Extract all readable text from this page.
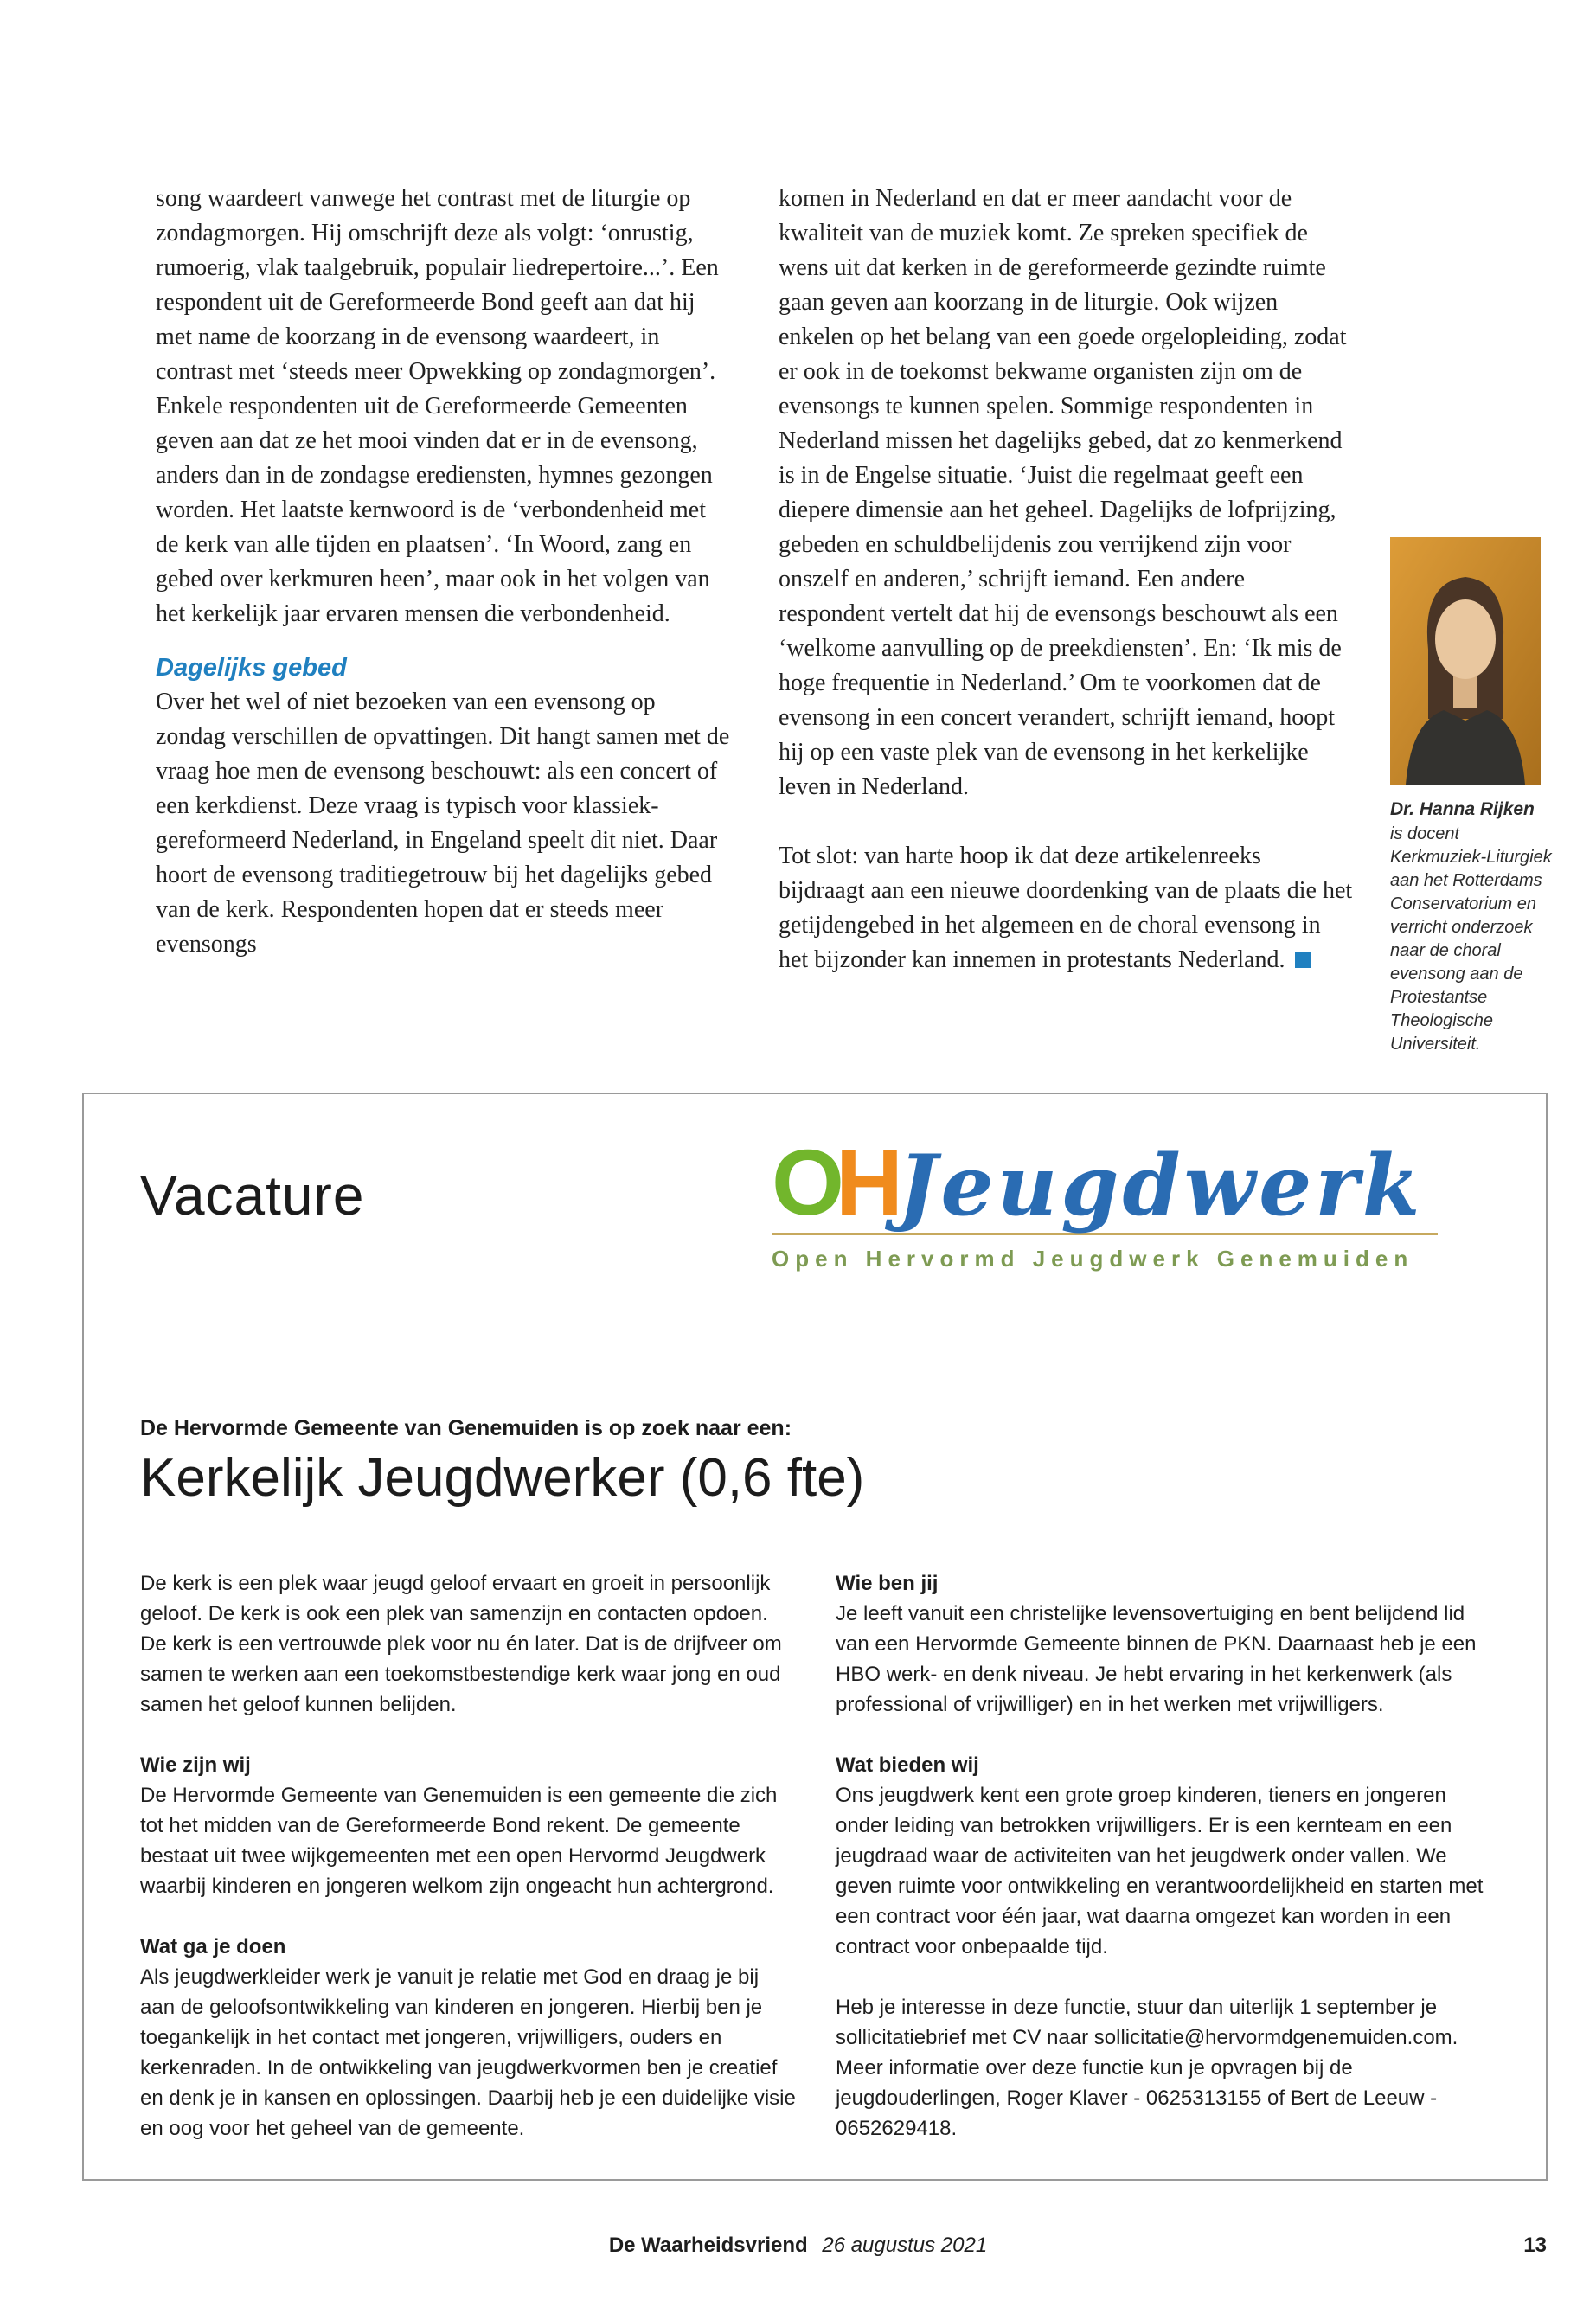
song waardeert vanwege het contrast met de liturgie op zondagmorgen. Hij omschrijft deze als volgt: ‘onrustig, rumoerig, vlak taalgebruik, populair liedrepertoire...’. Een respondent uit de Gereformeerde Bond geeft aan dat hij met name de koorzang in de evensong waardeert, in contrast met ‘steeds meer Opwekking op zondagmorgen’. Enkele respondenten uit de Gereformeerde Gemeenten geven aan dat ze het mooi vinden dat er in de evensong, anders dan in de zondagse erediensten, hymnes gezongen worden. Het laatste kernwoord is de ‘verbondenheid met de kerk van alle tijden en plaatsen’. ‘In Woord, zang en gebed over kerkmuren heen’, maar ook in het volgen van het kerkelijk jaar ervaren mensen die verbondenheid.

Dagelijks gebed

Over het wel of niet bezoeken van een evensong op zondag verschillen de opvattingen. Dit hangt samen met de vraag hoe men de evensong beschouwt: als een concert of een kerkdienst. Deze vraag is typisch voor klassiek-gereformeerd Nederland, in Engeland speelt dit niet. Daar hoort de evensong traditiegetrouw bij het dagelijks gebed van de kerk. Respondenten hopen dat er steeds meer evensongs

komen in Nederland en dat er meer aandacht voor de kwaliteit van de muziek komt. Ze spreken specifiek de wens uit dat kerken in de gereformeerde gezindte ruimte gaan geven aan koorzang in de liturgie. Ook wijzen enkelen op het belang van een goede orgelopleiding, zodat er ook in de toekomst bekwame organisten zijn om de evensongs te kunnen spelen. Sommige respondenten in Nederland missen het dagelijks gebed, dat zo kenmerkend is in de Engelse situatie. ‘Juist die regelmaat geeft een diepere dimensie aan het geheel. Dagelijks de lofprijzing, gebeden en schuldbelijdenis zou verrijkend zijn voor onszelf en anderen,’ schrijft iemand. Een andere respondent vertelt dat hij de evensongs beschouwt als een ‘welkome aanvulling op de preekdiensten’. En: ‘Ik mis de hoge frequentie in Nederland.’ Om te voorkomen dat de evensong in een concert verandert, schrijft iemand, hoopt hij op een vaste plek van de evensong in het kerkelijke leven in Nederland.

Tot slot: van harte hoop ik dat deze artikelenreeks bijdraagt aan een nieuwe doordenking van de plaats die het getijdengebed in het algemeen en de choral evensong in het bijzonder kan innemen in protestants Nederland.

Dr. Hanna Rijken
is docent Kerkmuziek-Liturgiek aan het Rotterdams Conservatorium en verricht onderzoek naar de choral evensong aan de Protestantse Theologische Universiteit.
Vacature	OHJeugdwerk
Open Hervormd Jeugdwerk Genemuiden
De Hervormde Gemeente van Genemuiden is op zoek naar een:
Kerkelijk Jeugdwerker (0,6 fte)

De kerk is een plek waar jeugd geloof ervaart en groeit in persoonlijk geloof. De kerk is ook een plek van samenzijn en contacten opdoen. De kerk is een vertrouwde plek voor nu én later. Dat is de drijfveer om samen te werken aan een toekomstbestendige kerk waar jong en oud samen het geloof kunnen belijden.

Wie zijn wij

De Hervormde Gemeente van Genemuiden is een gemeente die zich tot het midden van de Gereformeerde Bond rekent. De gemeente bestaat uit twee wijkgemeenten met een open Hervormd Jeugdwerk waarbij kinderen en jongeren welkom zijn ongeacht hun achtergrond.

Wat ga je doen

Als jeugdwerkleider werk je vanuit je relatie met God en draag je bij aan de geloofsontwikkeling van kinderen en jongeren. Hierbij ben je toegankelijk in het contact met jongeren, vrijwilligers, ouders en kerkenraden. In de ontwikkeling van jeugdwerkvormen ben je creatief en denk je in kansen en oplossingen. Daarbij heb je een duidelijke visie en oog voor het geheel van de gemeente.

Wie ben jij

Je leeft vanuit een christelijke levensovertuiging en bent belijdend lid van een Hervormde Gemeente binnen de PKN. Daarnaast heb je een HBO werk- en denk niveau. Je hebt ervaring in het kerkenwerk (als professional of vrijwilliger) en in het werken met vrijwilligers.

Wat bieden wij

Ons jeugdwerk kent een grote groep kinderen, tieners en jongeren onder leiding van betrokken vrijwilligers. Er is een kernteam en een jeugdraad waar de activiteiten van het jeugdwerk onder vallen. We geven ruimte voor ontwikkeling en verantwoordelijkheid en starten met een contract voor één jaar, wat daarna omgezet kan worden in een contract voor onbepaalde tijd.

Heb je interesse in deze functie, stuur dan uiterlijk 1 september je sollicitatiebrief met CV naar sollicitatie@hervormdgenemuiden.com. Meer informatie over deze functie kun je opvragen bij de jeugdouderlingen, Roger Klaver - 0625313155 of Bert de Leeuw - 0652629418.

De Waarheidsvriend 26 augustus 2021	13
